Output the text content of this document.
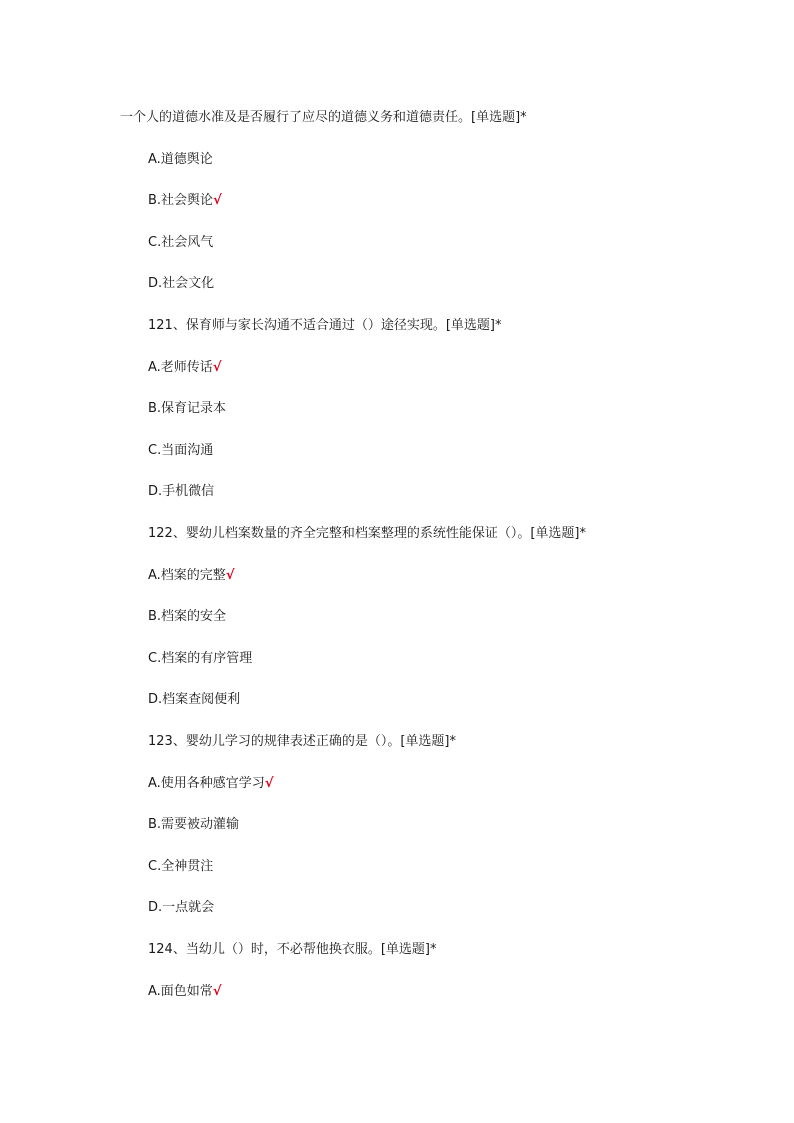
一个人的道德水准及是否履行了应尽的道德义务和道德责任。[单选题]*
A.道德舆论
B.社会舆论√
C.社会风气
D.社会文化
121、保育师与家长沟通不适合通过（）途径实现。[单选题]*
A.老师传话√
B.保育记录本
C.当面沟通
D.手机微信
122、婴幼儿档案数量的齐全完整和档案整理的系统性能保证（）。[单选题]*
A.档案的完整√
B.档案的安全
C.档案的有序管理
D.档案查阅便利
123、婴幼儿学习的规律表述正确的是（）。[单选题]*
A.使用各种感官学习√
B.需要被动灌输
C.全神贯注
D.一点就会
124、当幼儿（）时，不必帮他换衣服。[单选题]*
A.面色如常√
